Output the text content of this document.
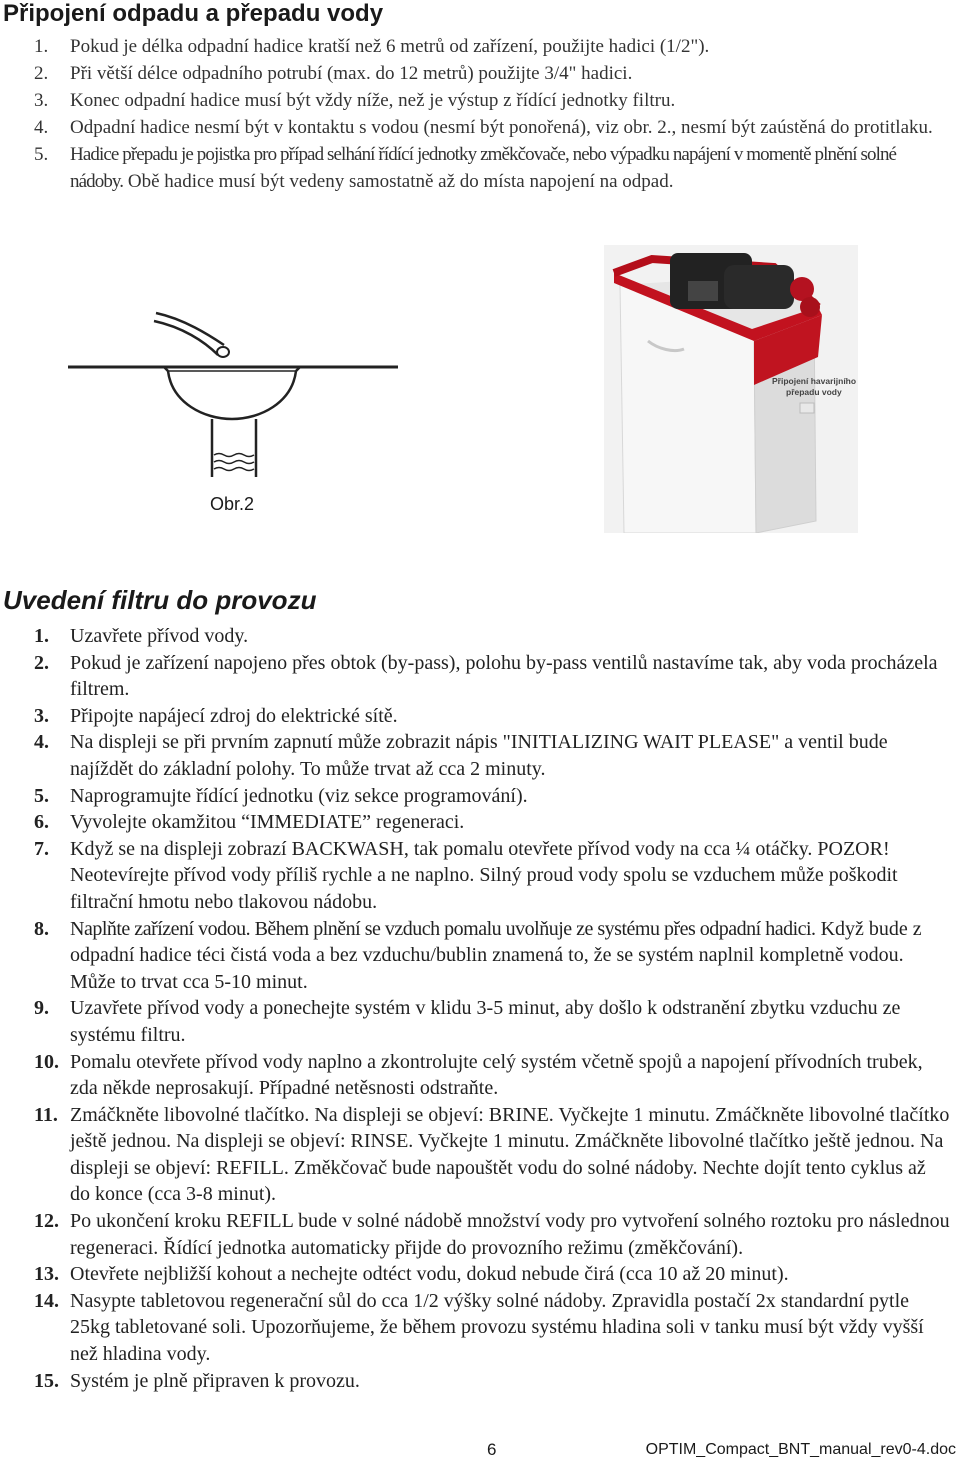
Připojení odpadu a přepadu vody
1. Pokud je délka odpadní hadice kratší než 6 metrů od zařízení, použijte hadici (1/2").
2. Při větší délce odpadního potrubí (max. do 12 metrů) použijte 3/4" hadici.
3. Konec odpadní hadice musí být vždy níže, než je výstup z řídící jednotky filtru.
4. Odpadní hadice nesmí být v kontaktu s vodou (nesmí být ponořená), viz obr. 2., nesmí být zaústěná do protitlaku.
5. Hadice přepadu je pojistka pro případ selhání řídící jednotky změkčovače, nebo výpadku napájení v momentě plnění solné nádoby. Obě hadice musí být vedeny samostatně až do místa napojení na odpad.
Obr.2
Připojení havarijního
přepadu vody
Uvedení filtru do provozu
1. Uzavřete přívod vody.
2. Pokud je zařízení napojeno přes obtok (by-pass), polohu by-pass ventilů nastavíme tak, aby voda procházela filtrem.
3. Připojte napájecí zdroj do elektrické sítě.
4. Na displeji se při prvním zapnutí může zobrazit nápis "INITIALIZING WAIT PLEASE" a ventil bude najíždět do základní polohy. To může trvat až cca 2 minuty.
5. Naprogramujte řídící jednotku (viz sekce programování).
6. Vyvolejte okamžitou “IMMEDIATE” regeneraci.
7. Když se na displeji zobrazí BACKWASH, tak pomalu otevřete přívod vody na cca ¼ otáčky. POZOR! Neotevírejte přívod vody příliš rychle a ne naplno. Silný proud vody spolu se vzduchem může poškodit filtrační hmotu nebo tlakovou nádobu.
8. Naplňte zařízení vodou. Během plnění se vzduch pomalu uvolňuje ze systému přes odpadní hadici. Když bude z odpadní hadice téci čistá voda a bez vzduchu/bublin znamená to, že se systém naplnil kompletně vodou. Může to trvat cca 5-10 minut.
9. Uzavřete přívod vody a ponechejte systém v klidu 3-5 minut, aby došlo k odstranění zbytku vzduchu ze systému filtru.
10. Pomalu otevřete přívod vody naplno a zkontrolujte celý systém včetně spojů a napojení přívodních trubek, zda někde neprosakují. Případné netěsnosti odstraňte.
11. Zmáčkněte libovolné tlačítko. Na displeji se objeví: BRINE. Vyčkejte 1 minutu. Zmáčkněte libovolné tlačítko ještě jednou. Na displeji se objeví: RINSE. Vyčkejte 1 minutu. Zmáčkněte libovolné tlačítko ještě jednou. Na displeji se objeví: REFILL. Změkčovač bude napouštět vodu do solné nádoby. Nechte dojít tento cyklus až do konce (cca 3-8 minut).
12. Po ukončení kroku REFILL bude v solné nádobě množství vody pro vytvoření solného roztoku pro následnou regeneraci. Řídící jednotka automaticky přijde do provozního režimu (změkčování).
13. Otevřete nejbližší kohout a nechejte odtéct vodu, dokud nebude čirá (cca 10 až 20 minut).
14. Nasypte tabletovou regenerační sůl do cca 1/2 výšky solné nádoby. Zpravidla postačí 2x standardní pytle 25kg tabletované soli. Upozorňujeme, že během provozu systému hladina soli v tanku musí být vždy vyšší než hladina vody.
15. Systém je plně připraven k provozu.
6	OPTIM_Compact_BNT_manual_rev0-4.doc
